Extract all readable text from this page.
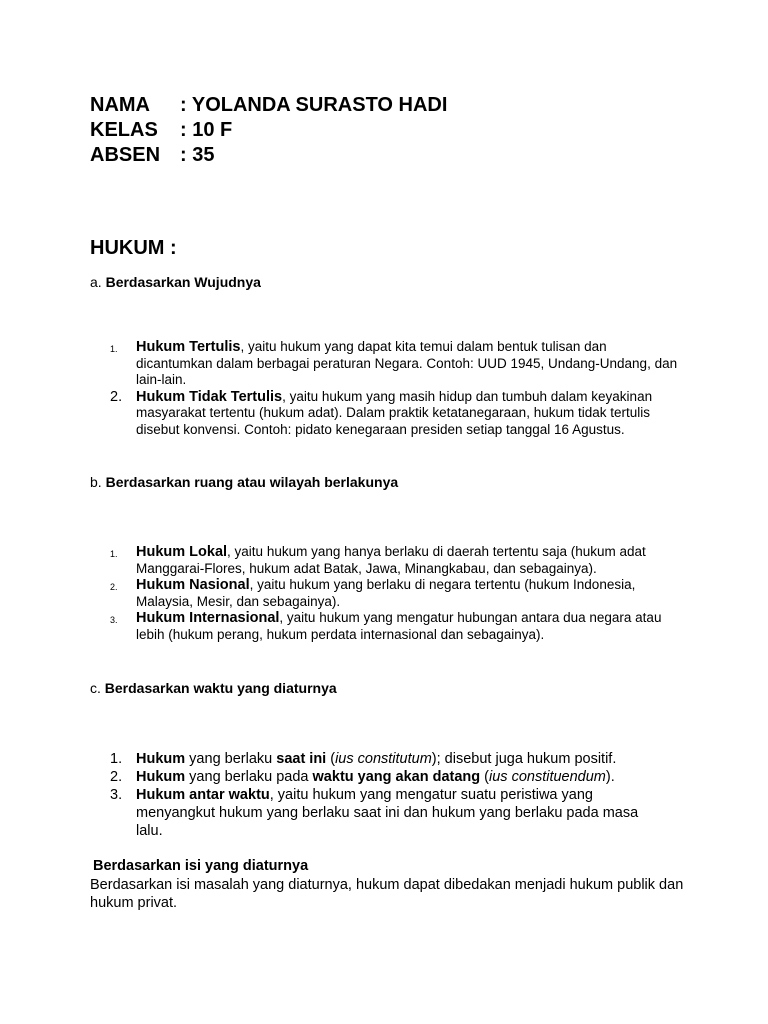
NAMA	: YOLANDA SURASTO HADI
KELAS	: 10 F
ABSEN : 35
HUKUM :
a. Berdasarkan Wujudnya
1.	Hukum Tertulis, yaitu hukum yang dapat kita temui dalam bentuk tulisan dan dicantumkan dalam berbagai peraturan Negara. Contoh: UUD 1945, Undang-Undang, dan lain-lain.
2. Hukum Tidak Tertulis, yaitu hukum yang masih hidup dan tumbuh dalam keyakinan masyarakat tertentu (hukum adat). Dalam praktik ketatanegaraan, hukum tidak tertulis disebut konvensi. Contoh: pidato kenegaraan presiden setiap tanggal 16 Agustus.
b. Berdasarkan ruang atau wilayah berlakunya
1.	Hukum Lokal, yaitu hukum yang hanya berlaku di daerah tertentu saja (hukum adat Manggarai-Flores, hukum adat Batak, Jawa, Minangkabau, dan sebagainya).
2.	Hukum Nasional, yaitu hukum yang berlaku di negara tertentu (hukum Indonesia, Malaysia, Mesir, dan sebagainya).
3.	Hukum Internasional, yaitu hukum yang mengatur hubungan antara dua negara atau lebih (hukum perang, hukum perdata internasional dan sebagainya).
c. Berdasarkan waktu yang diaturnya
1. Hukum yang berlaku saat ini (ius constitutum); disebut juga hukum positif.
2. Hukum yang berlaku pada waktu yang akan datang (ius constituendum).
3. Hukum antar waktu, yaitu hukum yang mengatur suatu peristiwa yang menyangkut hukum yang berlaku saat ini dan hukum yang berlaku pada masa lalu.
Berdasarkan isi yang diaturnya
Berdasarkan isi masalah yang diaturnya, hukum dapat dibedakan menjadi hukum publik dan hukum privat.
